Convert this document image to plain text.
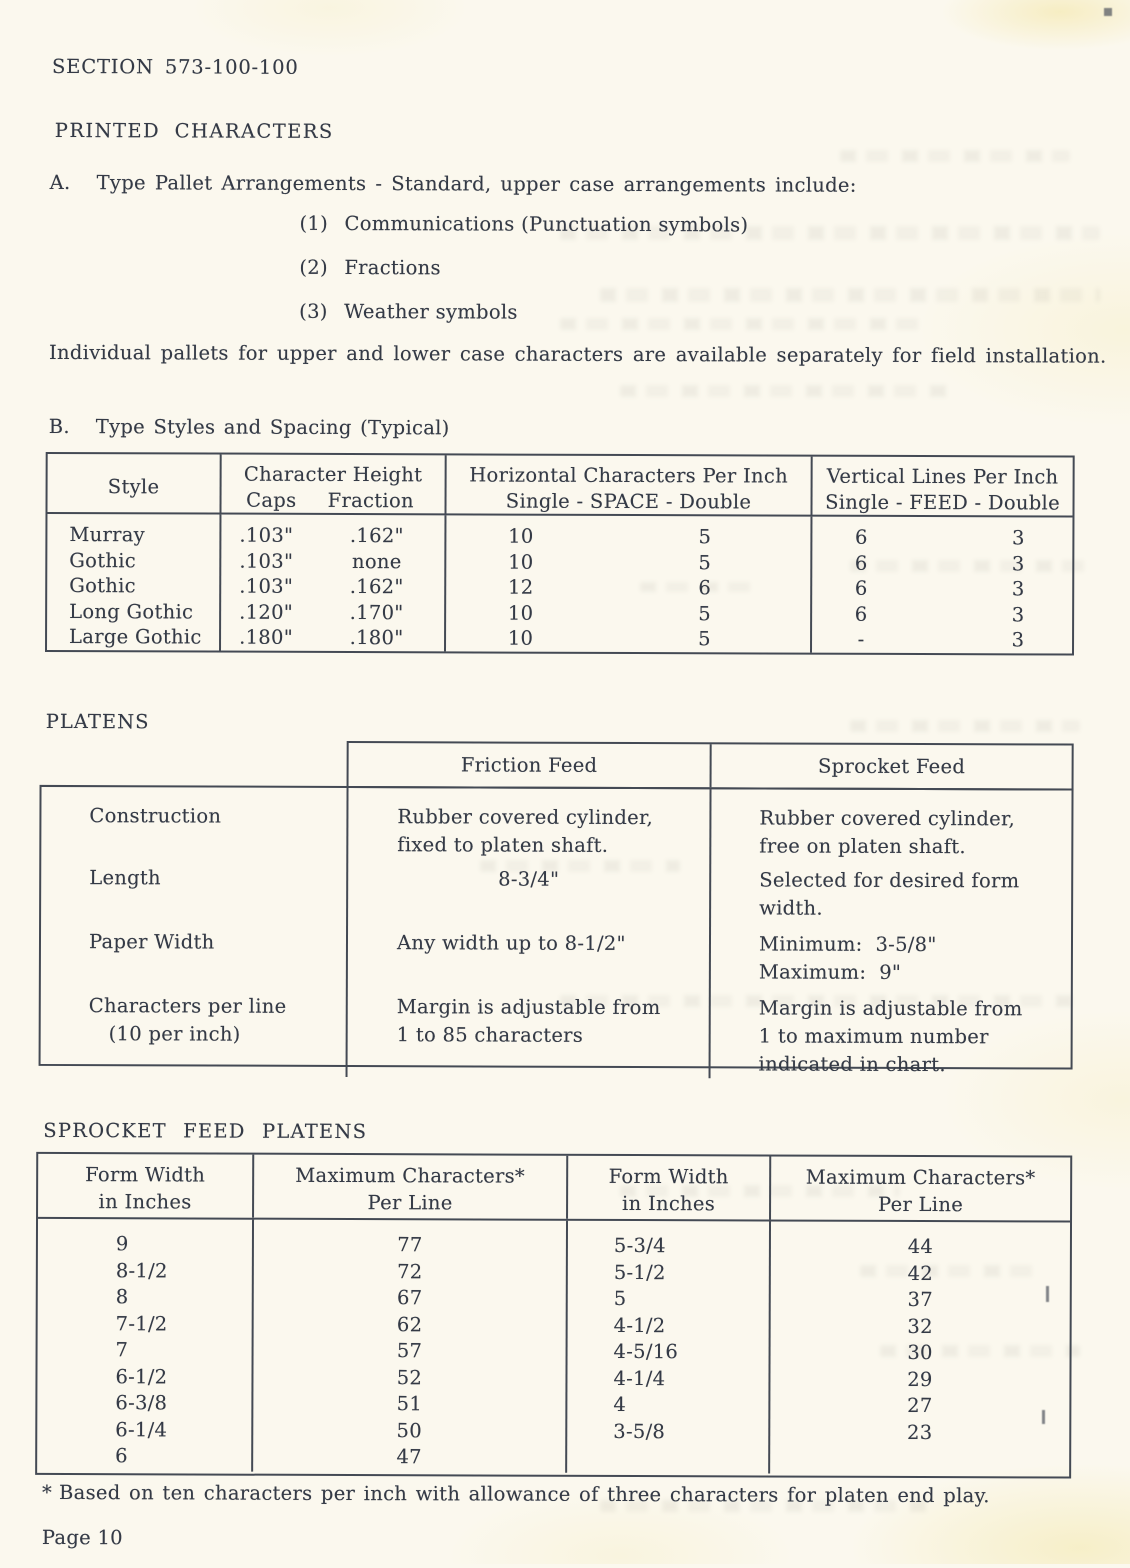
SECTION 573-100-100
PRINTED CHARACTERS
A. Type Pallet Arrangements - Standard, upper case arrangements include:
(1) Communications (Punctuation symbols)
(2) Fractions
(3) Weather symbols
Individual pallets for upper and lower case characters are available separately for field installation.
B. Type Styles and Spacing (Typical)
Style
Character Height
Caps	Fraction
Horizontal Characters Per Inch
Single - SPACE - Double
Vertical Lines Per Inch
Single - FEED - Double
Murray
Gothic
Gothic
Long Gothic
Large Gothic
.103"
.103"
.103"
.120"
.180"
.162"
none
.162"
.170"
.180"
10
10
12
10
10
5
5
6
5
5
6
6
6
6
-
3
3
3
3
3
PLATENS
Friction Feed	Sprocket Feed
Construction
Length
Paper Width
Characters per line
(10 per inch)
Rubber covered cylinder,
fixed to platen shaft.
8-3/4"
Any width up to 8-1/2"
Margin is adjustable from
1 to 85 characters
Rubber covered cylinder,
free on platen shaft.
Selected for desired form
width.
Minimum:  3-5/8"
Maximum:  9"
Margin is adjustable from
1 to maximum number
indicated in chart.
SPROCKET FEED PLATENS
Form Width
in Inches
Maximum Characters*
Per Line
Form Width
in Inches
Maximum Characters*
Per Line
9
8-1/2
8
7-1/2
7
6-1/2
6-3/8
6-1/4
6
77
72
67
62
57
52
51
50
47
5-3/4
5-1/2
5
4-1/2
4-5/16
4-1/4
4
3-5/8
44
42
37
32
30
29
27
23
* Based on ten characters per inch with allowance of three characters for platen end play.
Page 10
